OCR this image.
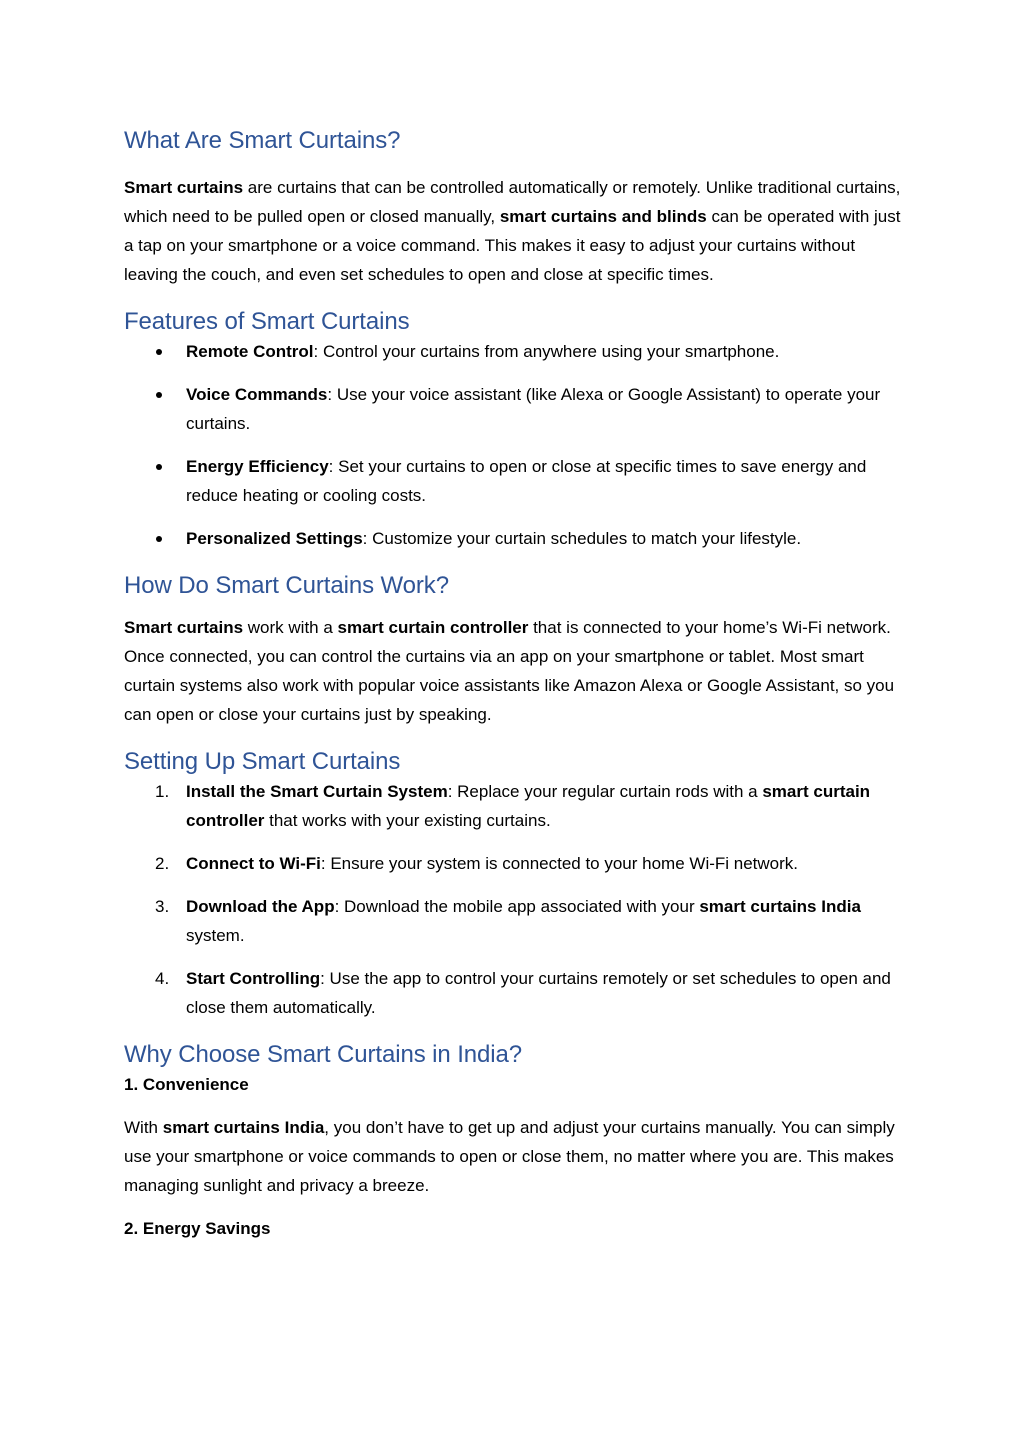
What Are Smart Curtains?

Smart curtains are curtains that can be controlled automatically or remotely. Unlike traditional curtains, which need to be pulled open or closed manually, smart curtains and blinds can be operated with just a tap on your smartphone or a voice command. This makes it easy to adjust your curtains without leaving the couch, and even set schedules to open and close at specific times.

Features of Smart Curtains
Remote Control: Control your curtains from anywhere using your smartphone.
Voice Commands: Use your voice assistant (like Alexa or Google Assistant) to operate your curtains.
Energy Efficiency: Set your curtains to open or close at specific times to save energy and reduce heating or cooling costs.
Personalized Settings: Customize your curtain schedules to match your lifestyle.
How Do Smart Curtains Work?

Smart curtains work with a smart curtain controller that is connected to your home’s Wi-Fi network. Once connected, you can control the curtains via an app on your smartphone or tablet. Most smart curtain systems also work with popular voice assistants like Amazon Alexa or Google Assistant, so you can open or close your curtains just by speaking.

Setting Up Smart Curtains
1. Install the Smart Curtain System: Replace your regular curtain rods with a smart curtain controller that works with your existing curtains.
2. Connect to Wi-Fi: Ensure your system is connected to your home Wi-Fi network.
3. Download the App: Download the mobile app associated with your smart curtains India system.
4. Start Controlling: Use the app to control your curtains remotely or set schedules to open and close them automatically.
Why Choose Smart Curtains in India?

1. Convenience

With smart curtains India, you don’t have to get up and adjust your curtains manually. You can simply use your smartphone or voice commands to open or close them, no matter where you are. This makes managing sunlight and privacy a breeze.

2. Energy Savings
